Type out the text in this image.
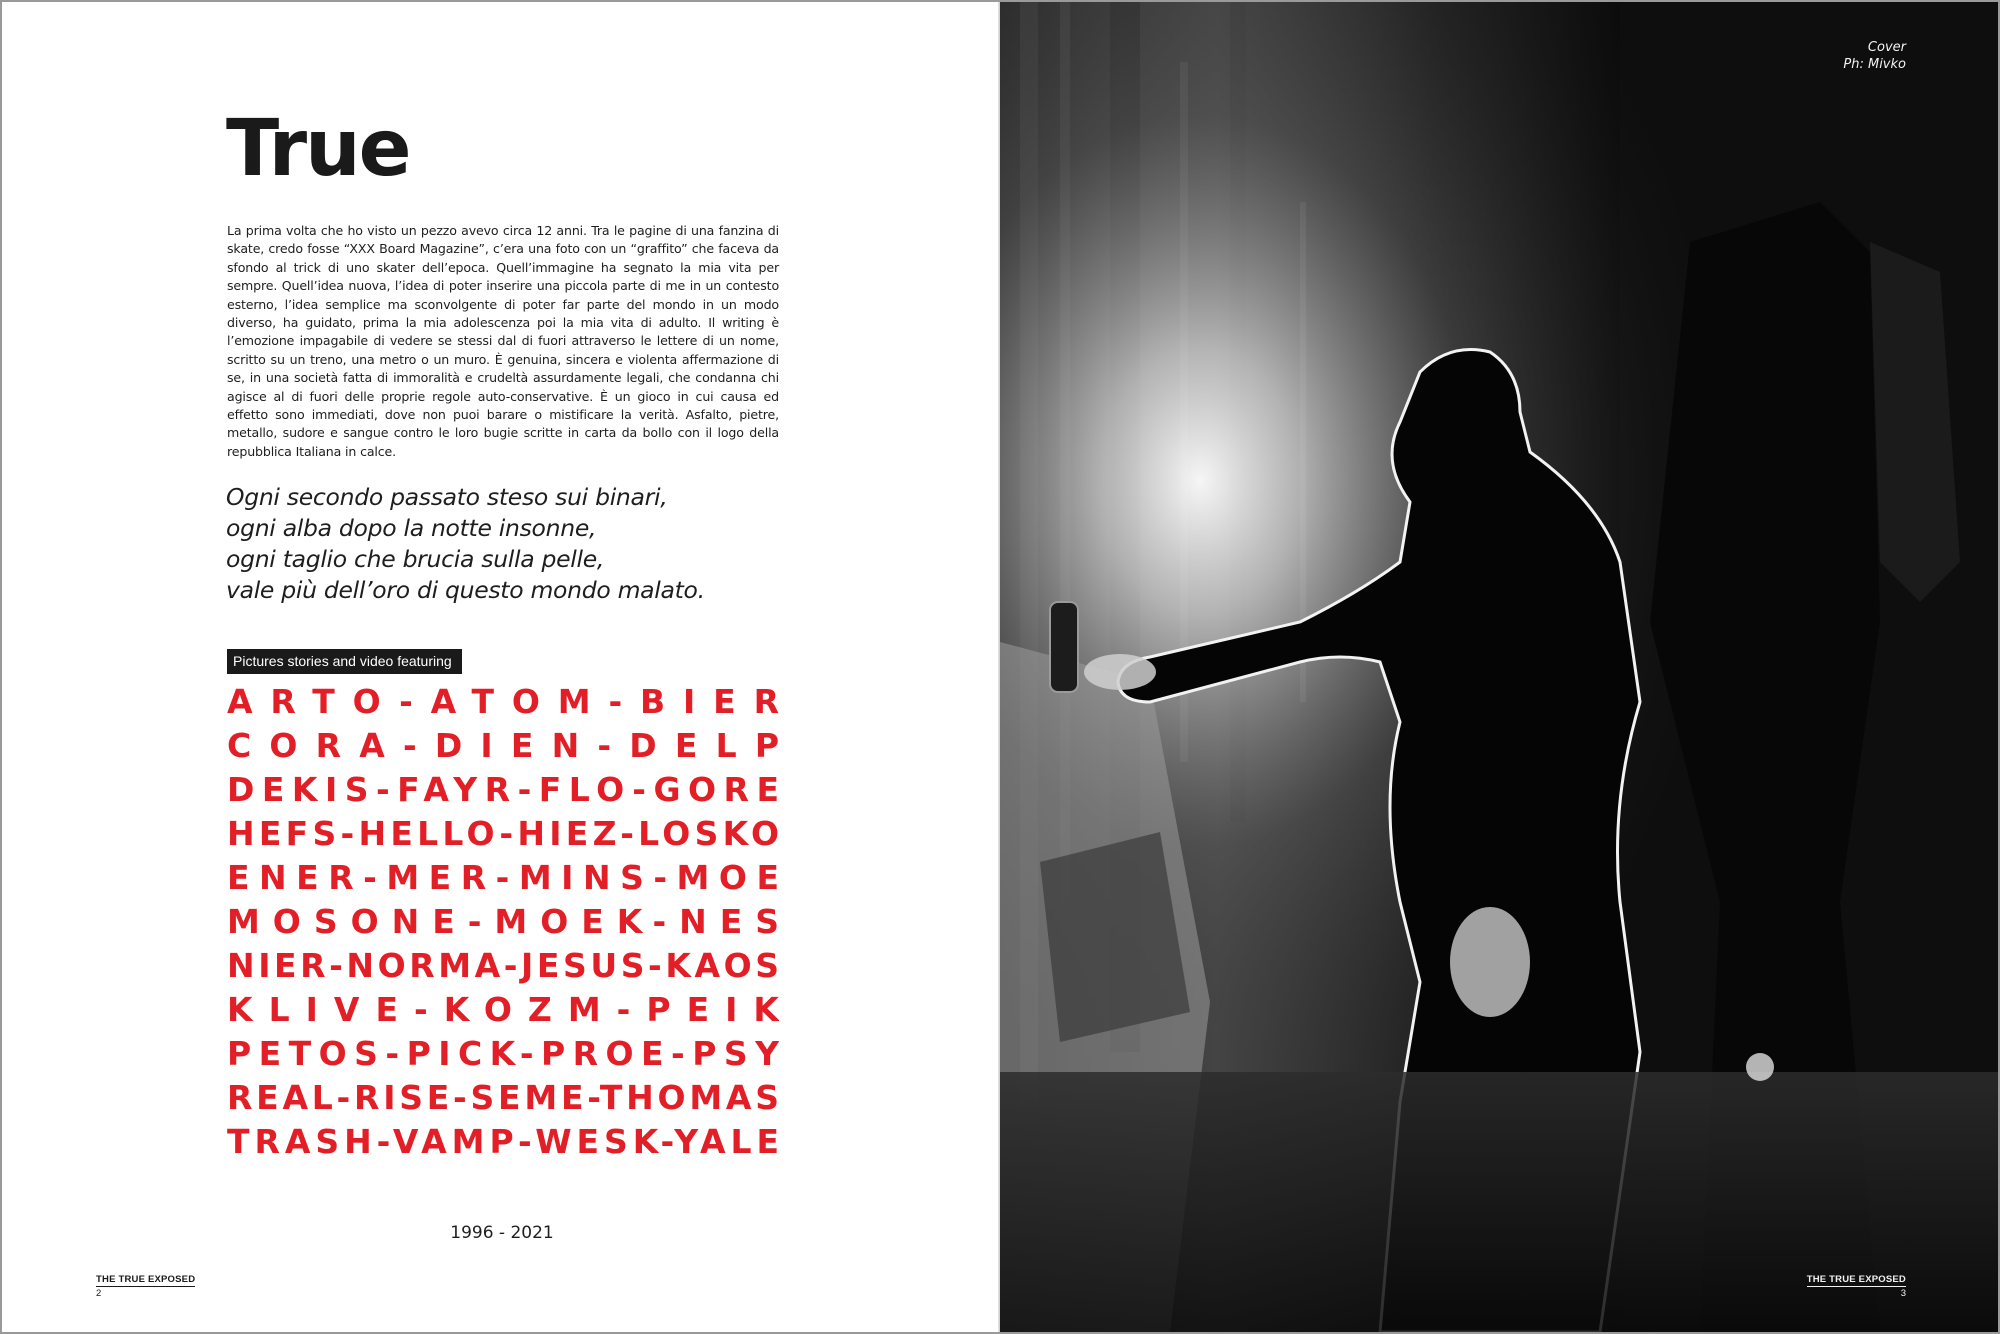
True

La prima volta che ho visto un pezzo avevo circa 12 anni. Tra le pagine di una fanzina di skate, credo fosse “XXX Board Magazine”, c’era una foto con un “graffito” che faceva da sfondo al trick di uno skater dell’epoca. Quell’immagine ha segnato la mia vita per sempre. Quell’idea nuova, l’idea di poter inserire una piccola parte di me in un contesto esterno, l’idea semplice ma sconvolgente di poter far parte del mondo in un modo diverso, ha guidato, prima la mia adolescenza poi la mia vita di adulto. Il writing è l’emozione impagabile di vedere se stessi dal di fuori attraverso le lettere di un nome, scritto su un treno, una metro o un muro. È genuina, sincera e violenta affermazione di se, in una società fatta di immoralità e crudeltà assurdamente legali, che condanna chi agisce al di fuori delle proprie regole auto-conservative. È un gioco in cui causa ed effetto sono immediati, dove non puoi barare o mistificare la verità. Asfalto, pietre, metallo, sudore e sangue contro le loro bugie scritte in carta da bollo con il logo della repubblica Italiana in calce.

Ogni secondo passato steso sui binari,
ogni alba dopo la notte insonne,
ogni taglio che brucia sulla pelle,
vale più dell’oro di questo mondo malato.
Pictures stories and video featuring
ARTO-ATOM-BIER
CORA-DIEN-DELP
DEKIS-FAYR-FLO-GORE
HEFS-HELLO-HIEZ-LOSKO
ENER-MER-MINS-MOE
MOSONE-MOEK-NES
NIER-NORMA-JESUS-KAOS
KLIVE-KOZM-PEIK
PETOS-PICK-PROE-PSY
REAL-RISE-SEME-THOMAS
TRASH-VAMP-WESK-YALE
1996 - 2021
THE TRUE EXPOSED
2
Cover
Ph: Mivko
THE TRUE EXPOSED
3
